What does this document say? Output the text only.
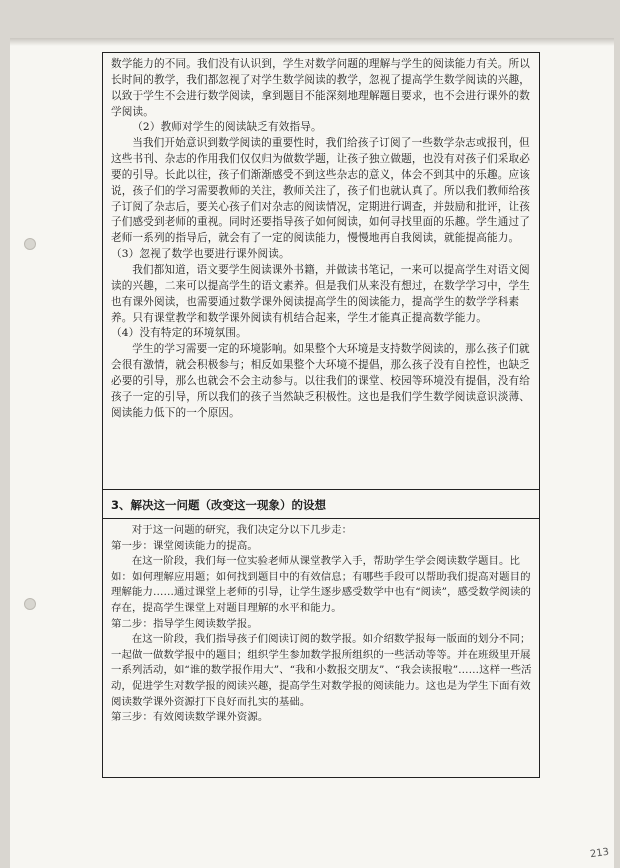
数学能力的不同。我们没有认识到，学生对数学问题的理解与学生的阅读能力有关。所以长时间的教学，我们都忽视了对学生数学阅读的教学，忽视了提高学生数学阅读的兴趣，以致于学生不会进行数学阅读，拿到题目不能深刻地理解题目要求，也不会进行课外的数学阅读。

（2）教师对学生的阅读缺乏有效指导。

当我们开始意识到数学阅读的重要性时，我们给孩子订阅了一些数学杂志或报刊，但这些书刊、杂志的作用我们仅仅归为做数学题，让孩子独立做题，也没有对孩子们采取必要的引导。长此以往，孩子们渐渐感受不到这些杂志的意义，体会不到其中的乐趣。应该说，孩子们的学习需要教师的关注，教师关注了，孩子们也就认真了。所以我们教师给孩子订阅了杂志后，要关心孩子们对杂志的阅读情况，定期进行调查，并鼓励和批评，让孩子们感受到老师的重视。同时还要指导孩子如何阅读，如何寻找里面的乐趣。学生通过了老师一系列的指导后，就会有了一定的阅读能力，慢慢地再自我阅读，就能提高能力。

（3）忽视了数学也要进行课外阅读。

我们都知道，语文要学生阅读课外书籍，并做读书笔记，一来可以提高学生对语文阅读的兴趣，二来可以提高学生的语文素养。但是我们从来没有想过，在数学学习中，学生也有课外阅读，也需要通过数学课外阅读提高学生的阅读能力，提高学生的数学学科素养。只有课堂教学和数学课外阅读有机结合起来，学生才能真正提高数学能力。

（4）没有特定的环境氛围。

学生的学习需要一定的环境影响。如果整个大环境是支持数学阅读的，那么孩子们就会很有激情，就会积极参与；相反如果整个大环境不提倡，那么孩子没有自控性，也缺乏必要的引导，那么也就会不会主动参与。以往我们的课堂、校园等环境没有提倡，没有给孩子一定的引导，所以我们的孩子当然缺乏积极性。这也是我们学生数学阅读意识淡薄、阅读能力低下的一个原因。

3、解决这一问题（改变这一现象）的设想

对于这一问题的研究，我们决定分以下几步走：

第一步：课堂阅读能力的提高。

在这一阶段，我们每一位实验老师从课堂教学入手，帮助学生学会阅读数学题目。比如：如何理解应用题；如何找到题目中的有效信息；有哪些手段可以帮助我们提高对题目的理解能力……通过课堂上老师的引导，让学生逐步感受数学中也有“阅读”，感受数学阅读的存在，提高学生课堂上对题目理解的水平和能力。

第二步：指导学生阅读数学报。

在这一阶段，我们指导孩子们阅读订阅的数学报。如介绍数学报每一版面的划分不同；一起做一做数学报中的题目；组织学生参加数学报所组织的一些活动等等。并在班级里开展一系列活动，如“谁的数学报作用大”、“我和小数报交朋友”、“我会读报啦”……这样一些活动，促进学生对数学报的阅读兴趣，提高学生对数学报的阅读能力。这也是为学生下面有效阅读数学课外资源打下良好而扎实的基础。

第三步：有效阅读数学课外资源。

213
